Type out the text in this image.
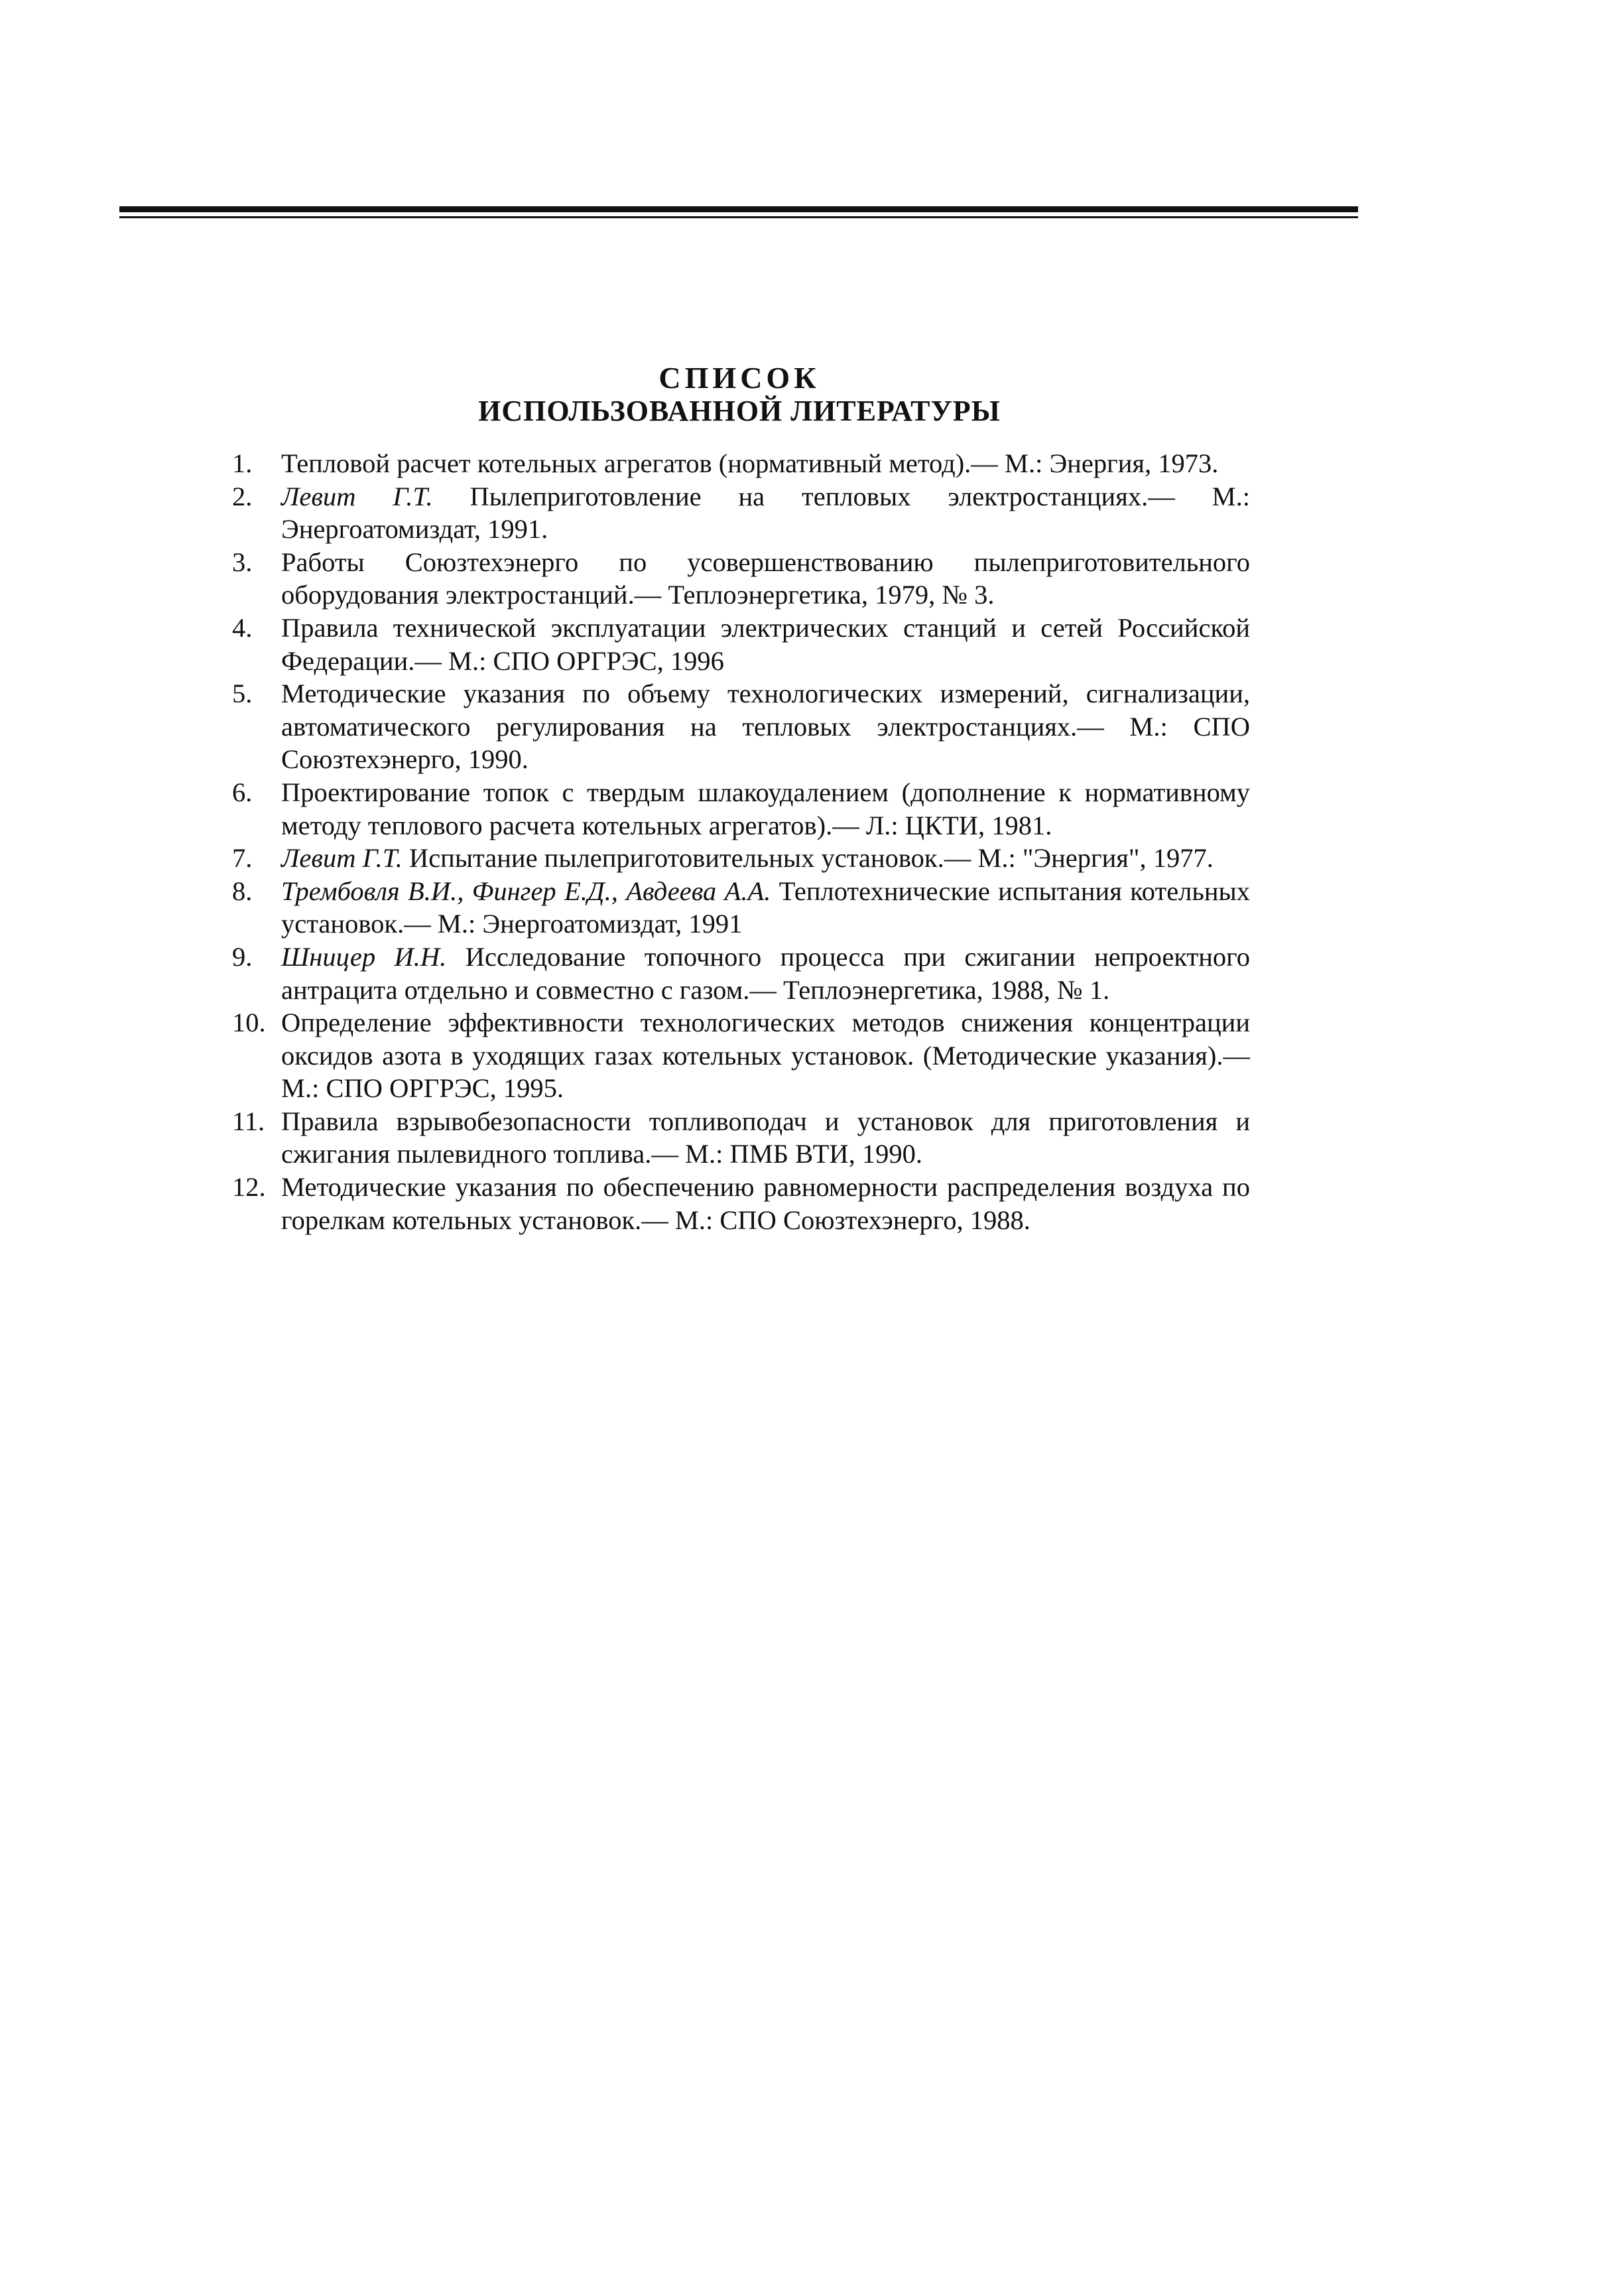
СПИСОК
ИСПОЛЬЗОВАННОЙ ЛИТЕРАТУРЫ
1 .	Тепловой расчет котельных агрегатов (нормативный метод).— М.: Энергия, 1973.
2 .	Левит Г.Т. Пылеприготовление на тепловых электростанциях.— М.: Энергоатомиздат, 1991.
3 .	Работы Союзтехэнерго по усовершенствованию пылеприготовительного оборудования электростанций.— Теплоэнергетика, 1979, № 3.
4 .	Правила технической эксплуатации электрических станций и сетей Российской Федерации.— М.: СПО ОРГРЭС, 1996
5 .	Методические указания по объему технологических измерений, сигнализации, автоматического регулирования на тепловых электростанциях.— М.: СПО Союзтехэнерго, 1990.
6 .	Проектирование топок с твердым шлакоудалением (дополнение к нормативному методу теплового расчета котельных агрегатов).— Л.: ЦКТИ, 1981.
7 .	Левит Г.Т. Испытание пылеприготовительных установок.— М.: "Энергия", 1977.
8 .	Трембовля В.И., Фингер Е.Д., Авдеева А.А. Теплотехнические испытания котельных установок.— М.: Энергоатомиздат, 1991
9 .	Шницер И.Н. Исследование топочного процесса при сжигании непроектного антрацита отдельно и совместно с газом.— Теплоэнергетика, 1988, № 1.
10 . Определение эффективности технологических методов снижения концентрации оксидов азота в уходящих газах котельных установок. (Методические указания).— М.: СПО ОРГРЭС, 1995.
11 . Правила взрывобезопасности топливоподач и установок для приготовления и сжигания пылевидного топлива.— М.: ПМБ ВТИ, 1990.
12 . Методические указания по обеспечению равномерности распределения воздуха по горелкам котельных установок.— М.: СПО Союзтехэнерго, 1988.
